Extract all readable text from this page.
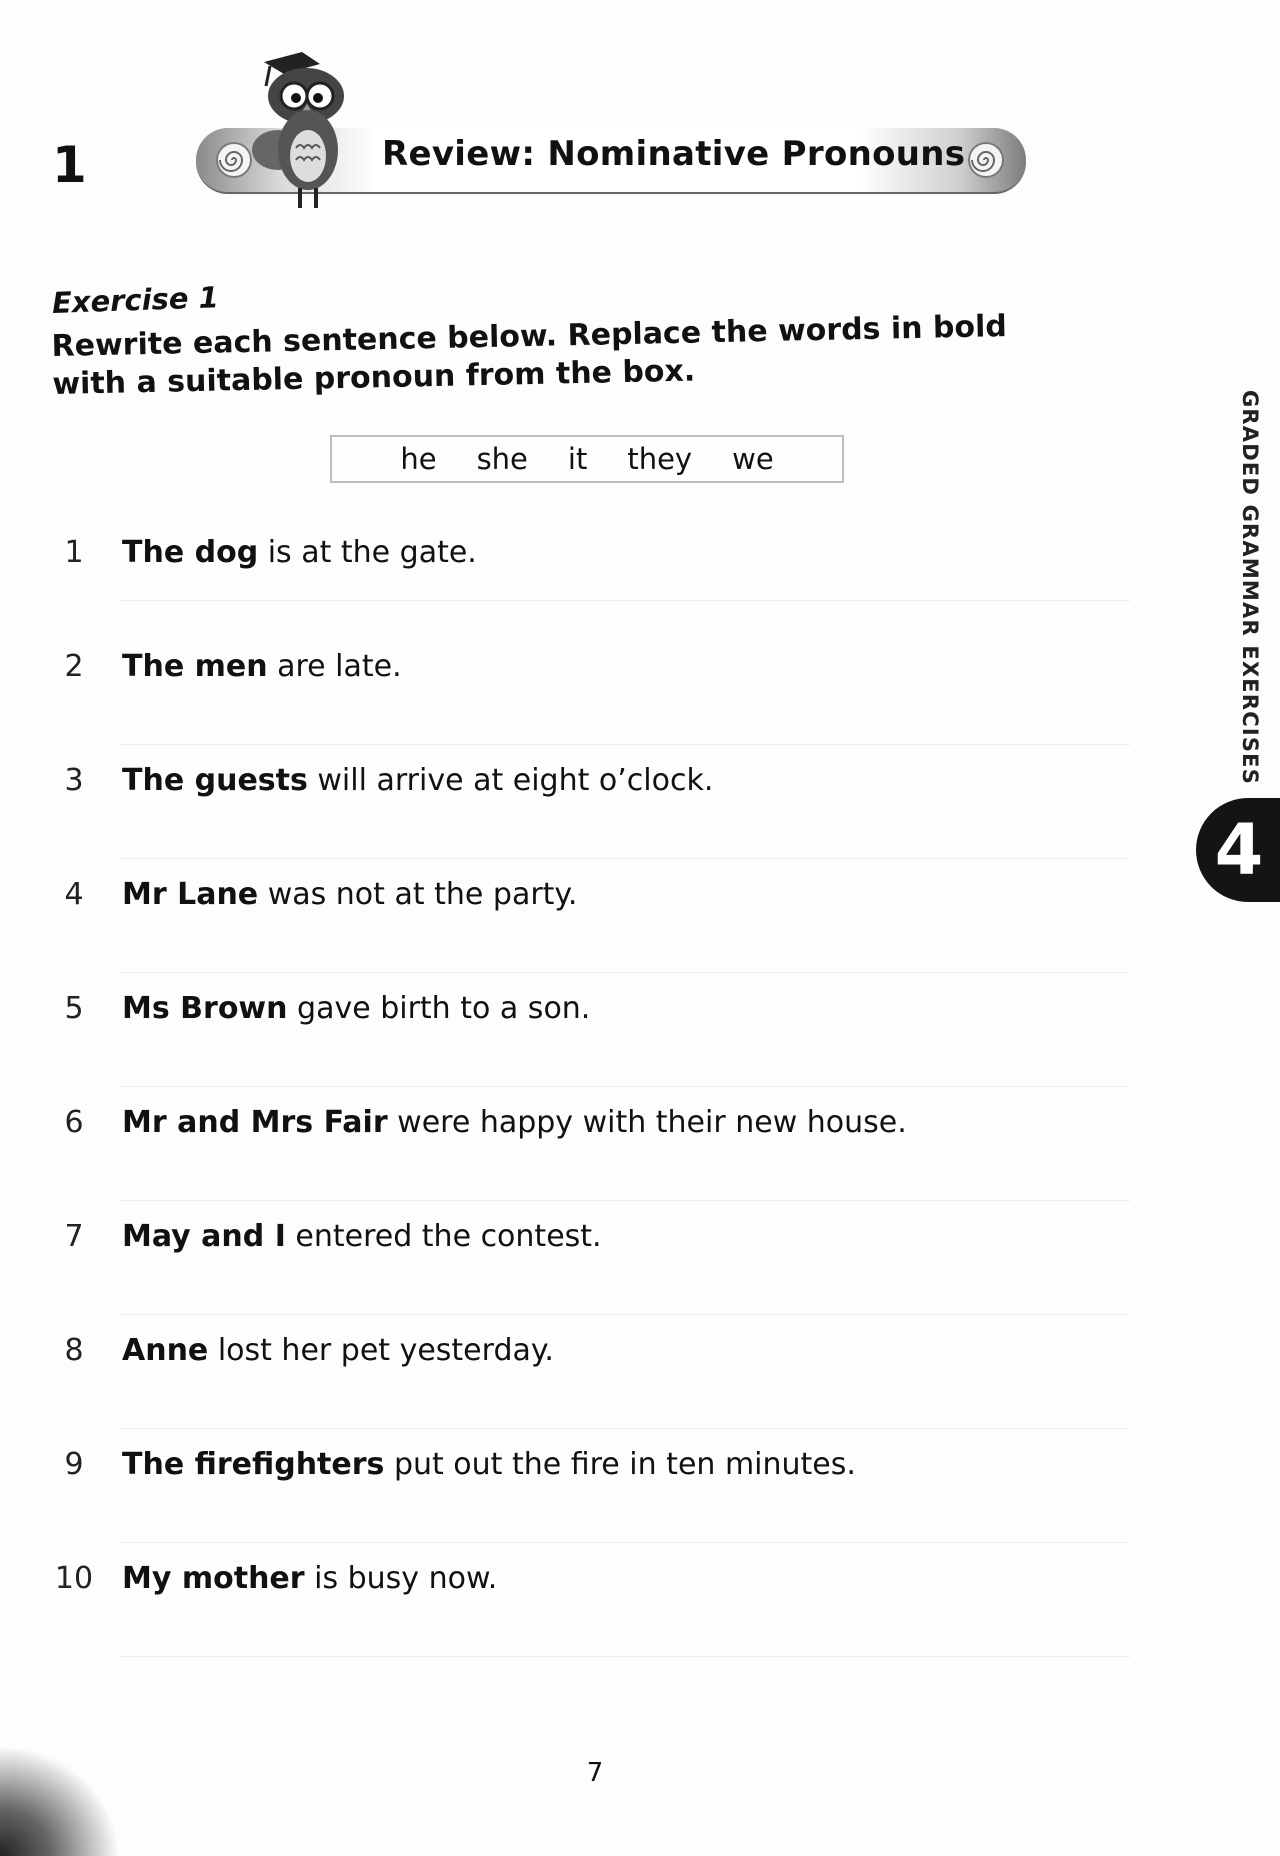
1	Review: Nominative Pronouns
Exercise 1
Rewrite each sentence below. Replace the words in bold with a suitable pronoun from the box.
he she it they we
1	The dog is at the gate.
2	The men are late.
3	The guests will arrive at eight o’clock.
4	Mr Lane was not at the party.
5	Ms Brown gave birth to a son.
6	Mr and Mrs Fair were happy with their new house.
7	May and I entered the contest.
8	Anne lost her pet yesterday.
9	The firefighters put out the fire in ten minutes.
10 My mother is busy now.
GRADED GRAMMAR EXERCISES
4
7
